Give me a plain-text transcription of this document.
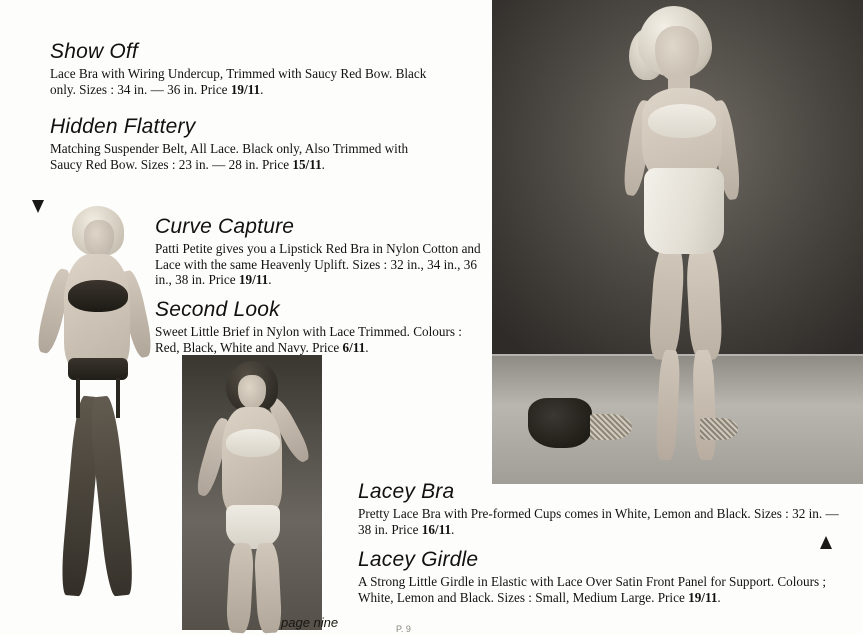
Show Off

Lace Bra with Wiring Undercup, Trimmed with Saucy Red Bow. Black only. Sizes : 34 in. — 36 in. Price 19/11.

Hidden Flattery

Matching Suspender Belt, All Lace. Black only, Also Trimmed with Saucy Red Bow. Sizes : 23 in. — 28 in. Price 15/11.

Curve Capture

Patti Petite gives you a Lipstick Red Bra in Nylon Cotton and Lace with the same Heavenly Uplift. Sizes : 32 in., 34 in., 36 in., 38 in. Price 19/11.

Second Look

Sweet Little Brief in Nylon with Lace Trimmed. Colours : Red, Black, White and Navy. Price 6/11.

Lacey Bra

Pretty Lace Bra with Pre-formed Cups comes in White, Lemon and Black. Sizes : 32 in. — 38 in. Price 16/11.

Lacey Girdle

A Strong Little Girdle in Elastic with Lace Over Satin Front Panel for Support. Colours ; White, Lemon and Black. Sizes : Small, Medium Large. Price 19/11.

page nine	P. 9
